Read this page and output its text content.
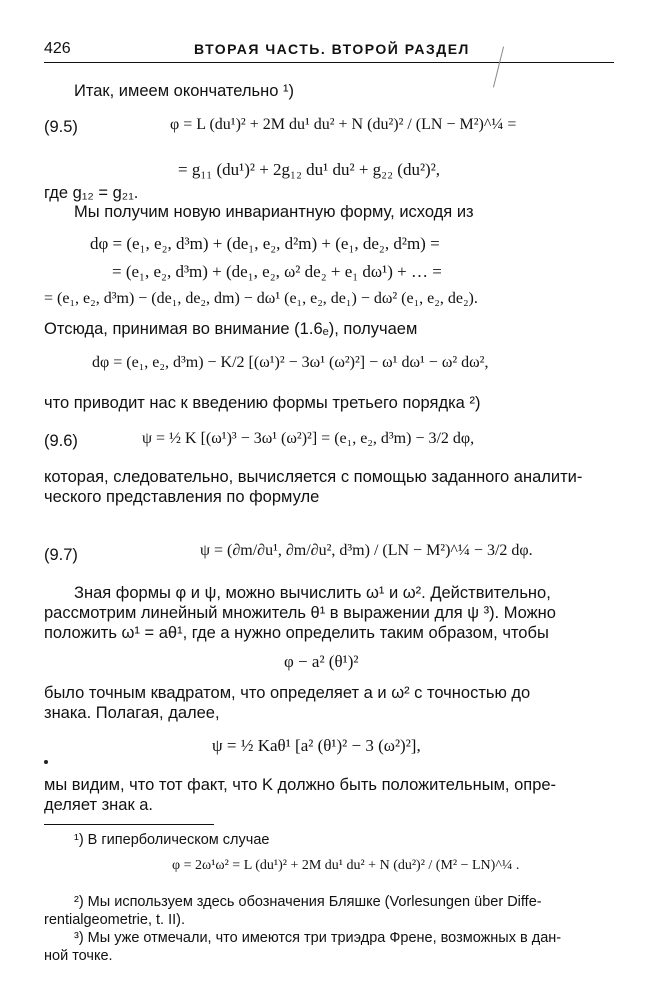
426	ВТОРАЯ ЧАСТЬ. ВТОРОЙ РАЗДЕЛ
Итак, имеем окончательно ¹)
(9.5)	φ = L (du¹)² + 2M du¹ du² + N (du²)² / (LN − M²)^¼ =
= g₁₁ (du¹)² + 2g₁₂ du¹ du² + g₂₂ (du²)²,
где g₁₂ = g₂₁.
Мы получим новую инвариантную форму, исходя из
dφ = (e₁, e₂, d³m) + (de₁, e₂, d²m) + (e₁, de₂, d²m) =
= (e₁, e₂, d³m) + (de₁, e₂, ω² de₂ + e₁ dω¹) + … =
= (e₁, e₂, d³m) − (de₁, de₂, dm) − dω¹ (e₁, e₂, de₁) − dω² (e₁, e₂, de₂).
Отсюда, принимая во внимание (1.6ₑ), получаем
dφ = (e₁, e₂, d³m) − K/2 [(ω¹)² − 3ω¹ (ω²)²] − ω¹ dω¹ − ω² dω²,
что приводит нас к введению формы третьего порядка ²)
(9.6)	ψ = ½ K [(ω¹)³ − 3ω¹ (ω²)²] = (e₁, e₂, d³m) − 3/2 dφ,
которая, следовательно, вычисляется с помощью заданного аналити-
ческого представления по формуле
(9.7)	ψ = (∂m/∂u¹, ∂m/∂u², d³m) / (LN − M²)^¼ − 3/2 dφ.
Зная формы φ и ψ, можно вычислить ω¹ и ω². Действительно,
рассмотрим линейный множитель θ¹ в выражении для ψ ³). Можно
положить ω¹ = aθ¹, где a нужно определить таким образом, чтобы
φ − a² (θ¹)²
было точным квадратом, что определяет a и ω² с точностью до
знака. Полагая, далее,
ψ = ½ Kaθ¹ [a² (θ¹)² − 3 (ω²)²],
мы видим, что тот факт, что K должно быть положительным, опре-
деляет знак a.
¹) В гиперболическом случае
φ = 2ω¹ω² = L (du¹)² + 2M du¹ du² + N (du²)² / (M² − LN)^¼ .
²) Мы используем здесь обозначения Бляшке (Vorlesungen über Diffe-
rentialgeometrie, t. II).
³) Мы уже отмечали, что имеются три триэдра Френе, возможных в дан-
ной точке.
